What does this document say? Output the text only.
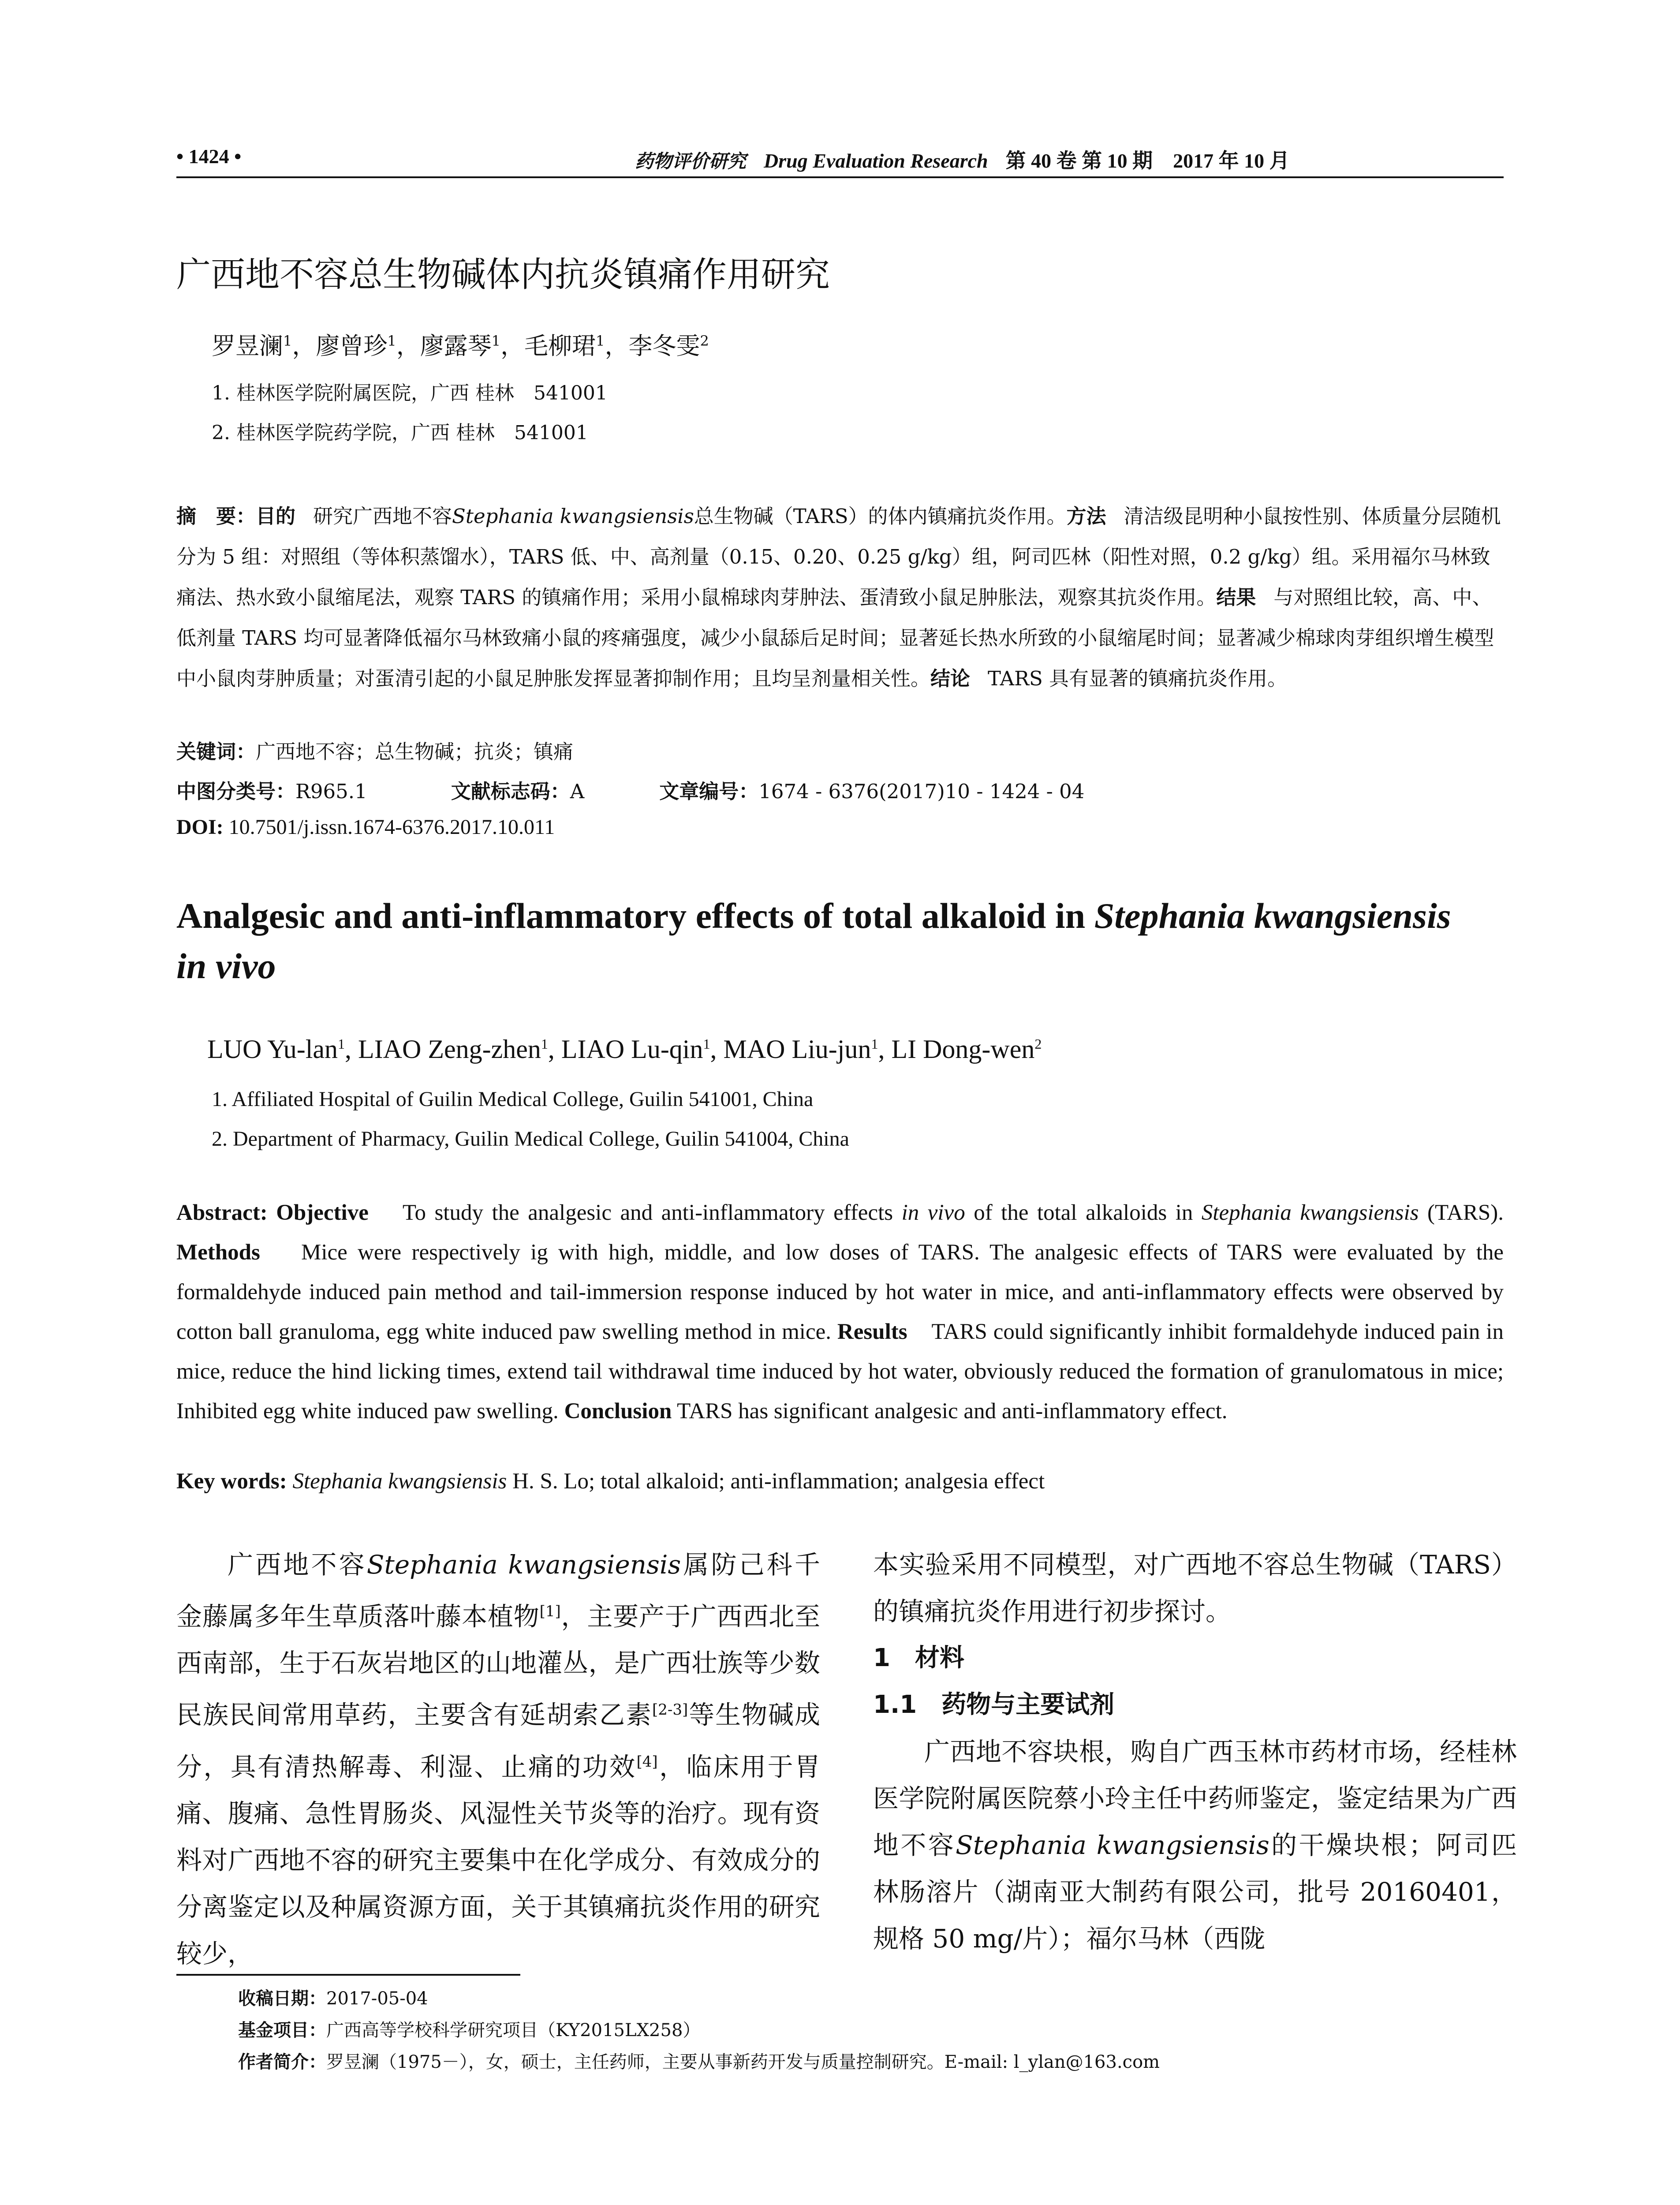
• 1424 •	药物评价研究 Drug Evaluation Research 第 40 卷 第 10 期　2017 年 10 月
广西地不容总生物碱体内抗炎镇痛作用研究
罗昱澜$^1$，廖曾珍$^1$，廖露琴$^1$，毛柳珺$^1$，李冬雯$^2$
1. 桂林医学院附属医院，广西 桂林　541001
2. 桂林医学院药学院，广西 桂林　541001
摘　要：目的 研究广西地不容Stephania kwangsiensis总生物碱（TARS）的体内镇痛抗炎作用。方法 清洁级昆明种小鼠按性别、体质量分层随机分为 5 组：对照组（等体积蒸馏水），TARS 低、中、高剂量（0.15、0.20、0.25 g/kg）组，阿司匹林（阳性对照，0.2 g/kg）组。采用福尔马林致痛法、热水致小鼠缩尾法，观察 TARS 的镇痛作用；采用小鼠棉球肉芽肿法、蛋清致小鼠足肿胀法，观察其抗炎作用。结果 与对照组比较，高、中、低剂量 TARS 均可显著降低福尔马林致痛小鼠的疼痛强度，减少小鼠舔后足时间；显著延长热水所致的小鼠缩尾时间；显著减少棉球肉芽组织增生模型中小鼠肉芽肿质量；对蛋清引起的小鼠足肿胀发挥显著抑制作用；且均呈剂量相关性。结论 TARS 具有显著的镇痛抗炎作用。
关键词：广西地不容；总生物碱；抗炎；镇痛
中图分类号：R965.1	文献标志码：A	文章编号：1674 - 6376(2017)10 - 1424 - 04
DOI: 10.7501/j.issn.1674-6376.2017.10.011
Analgesic and anti-inflammatory effects of total alkaloid in Stephania kwangsiensis
in vivo
LUO Yu-lan$^1$, LIAO Zeng-zhen$^1$, LIAO Lu-qin$^1$, MAO Liu-jun$^1$, LI Dong-wen$^2$
1. Affiliated Hospital of Guilin Medical College, Guilin 541001, China
2. Department of Pharmacy, Guilin Medical College, Guilin 541004, China
Abstract: Objective To study the analgesic and anti-inflammatory effects in vivo of the total alkaloids in Stephania kwangsiensis (TARS). Methods Mice were respectively ig with high, middle, and low doses of TARS. The analgesic effects of TARS were evaluated by the formaldehyde induced pain method and tail-immersion response induced by hot water in mice, and anti-inflammatory effects were observed by cotton ball granuloma, egg white induced paw swelling method in mice. Results TARS could significantly inhibit formaldehyde induced pain in mice, reduce the hind licking times, extend tail withdrawal time induced by hot water, obviously reduced the formation of granulomatous in mice; Inhibited egg white induced paw swelling. Conclusion TARS has significant analgesic and anti-inflammatory effect.
Key words: Stephania kwangsiensis H. S. Lo; total alkaloid; anti-inflammation; analgesia effect

广西地不容Stephania kwangsiensis属防己科千金藤属多年生草质落叶藤本植物[1]，主要产于广西西北至西南部，生于石灰岩地区的山地灌丛，是广西壮族等少数民族民间常用草药，主要含有延胡索乙素[2-3]等生物碱成分，具有清热解毒、利湿、止痛的功效[4]，临床用于胃痛、腹痛、急性胃肠炎、风湿性关节炎等的治疗。现有资料对广西地不容的研究主要集中在化学成分、有效成分的分离鉴定以及种属资源方面，关于其镇痛抗炎作用的研究较少，

本实验采用不同模型，对广西地不容总生物碱（TARS）的镇痛抗炎作用进行初步探讨。

1　材料
1.1　药物与主要试剂

广西地不容块根，购自广西玉林市药材市场，经桂林医学院附属医院蔡小玲主任中药师鉴定，鉴定结果为广西地不容Stephania kwangsiensis的干燥块根；阿司匹林肠溶片（湖南亚大制药有限公司，批号 20160401，规格 50 mg/片）；福尔马林（西陇

收稿日期：2017-05-04
基金项目：广西高等学校科学研究项目（KY2015LX258）
作者简介：罗昱澜（1975－），女，硕士，主任药师，主要从事新药开发与质量控制研究。E-mail: l_ylan@163.com
